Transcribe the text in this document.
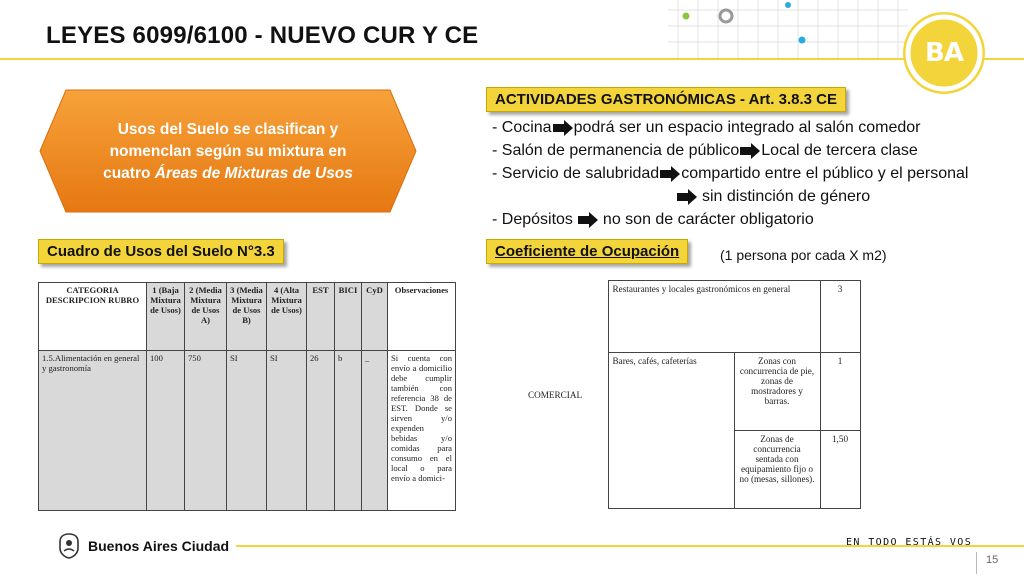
LEYES 6099/6100 - NUEVO CUR Y CE
BA
Usos del Suelo se clasifican y
nomenclan según su mixtura en
cuatro Áreas de Mixturas de Usos
ACTIVIDADES GASTRONÓMICAS - Art. 3.8.3 CE
Cuadro de Usos del Suelo N°3.3	Coeficiente de Ocupación	(1 persona por cada X m2)
- Cocina podrá ser un espacio integrado al salón comedor
- Salón de permanencia de público Local de tercera clase
- Servicio de salubridad compartido entre el público y el personal
sin distinción de género
- Depósitos no son de carácter obligatorio
CATEGORIA DESCRIPCION RUBRO	1 (Baja Mixtura de Usos)	2 (Media Mixtura de Usos A)	3 (Media Mixtura de Usos B)	4 (Alta Mixtura de Usos)	EST	BICI	CyD	Observaciones
1.5.Alimentación en general y gastronomía	100	750	SI	SI	26	b	_	Si cuenta con envío a domicilio debe cumplir también con referencia 38 de EST. Donde se sirven y/o expenden bebidas y/o comidas para consumo en el local o para envío a domici-
COMERCIAL	Restaurantes y locales gastronómicos en general		3
	Bares, cafés, cafeterías	Zonas con concurrencia de pie, zonas de mostradores y barras.	1
		Zonas de concurrencia sentada con equipamiento fijo o no (mesas, sillones).	1,50
Buenos Aires Ciudad	EN TODO ESTÁS VOS
15
